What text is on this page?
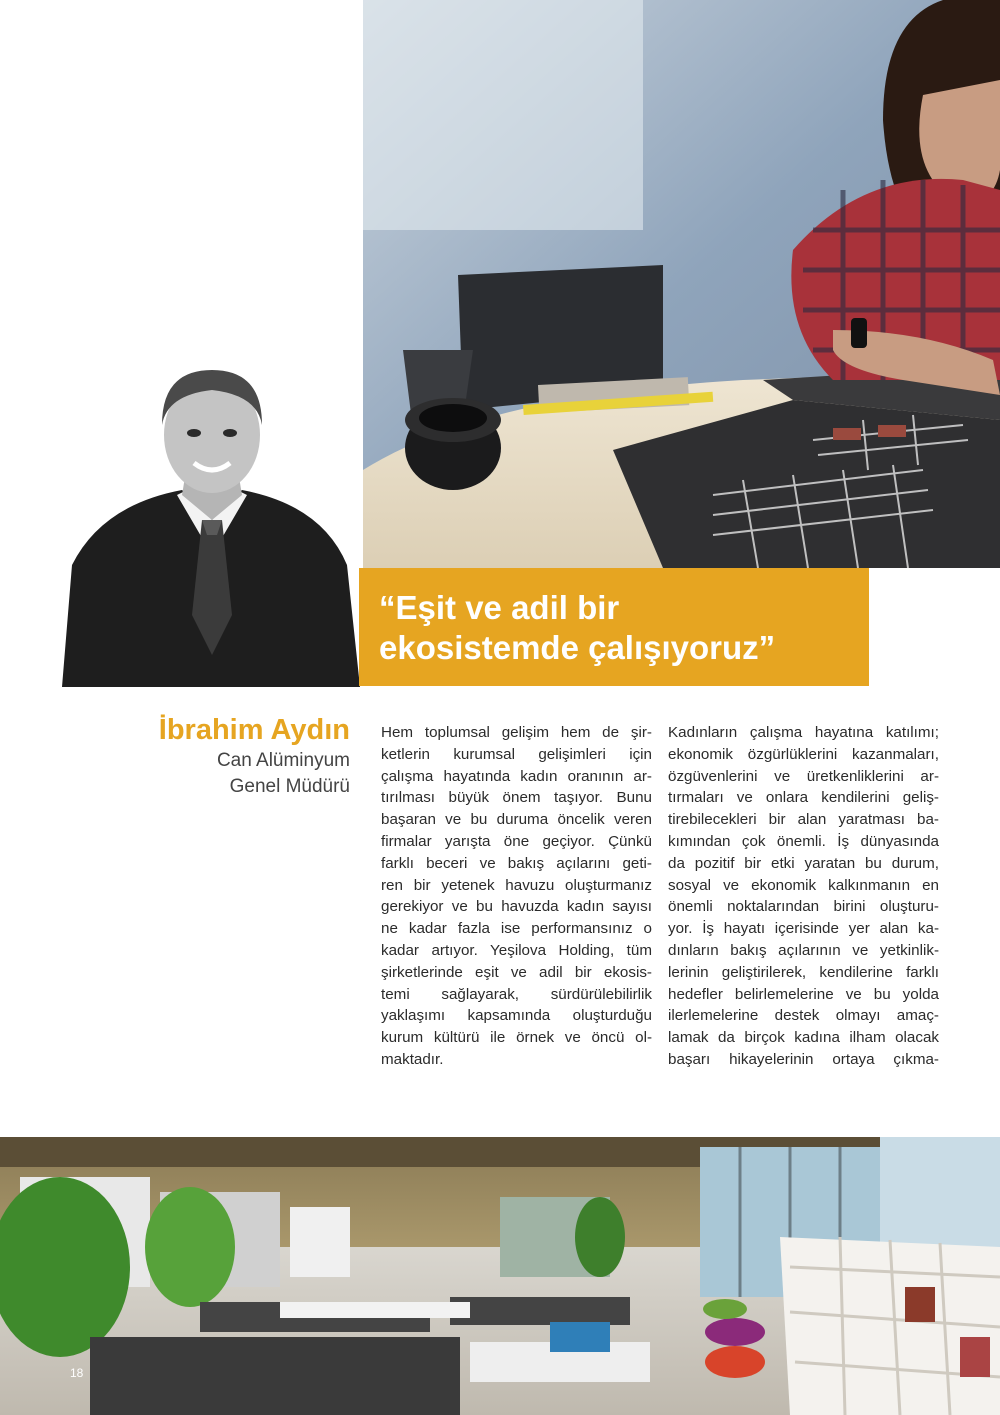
“Eşit ve adil bir
ekosistemde çalışıyoruz”

İbrahim Aydın

Can Alüminyum

Genel Müdürü

Hem toplumsal gelişim hem de şir-

ketlerin kurumsal gelişimleri için

çalışma hayatında kadın oranının ar-

tırılması büyük önem taşıyor. Bunu

başaran ve bu duruma öncelik veren

firmalar yarışta öne geçiyor. Çünkü

farklı beceri ve bakış açılarını geti-

ren bir yetenek havuzu oluşturmanız

gerekiyor ve bu havuzda kadın sayısı

ne kadar fazla ise performansınız o

kadar artıyor. Yeşilova Holding, tüm

şirketlerinde eşit ve adil bir ekosis-

temi sağlayarak, sürdürülebilirlik

yaklaşımı kapsamında oluşturduğu

kurum kültürü ile örnek ve öncü ol-

maktadır.

Kadınların çalışma hayatına katılımı;

ekonomik özgürlüklerini kazanmaları,

özgüvenlerini ve üretkenliklerini ar-

tırmaları ve onlara kendilerini geliş-

tirebilecekleri bir alan yaratması ba-

kımından çok önemli. İş dünyasında

da pozitif bir etki yaratan bu durum,

sosyal ve ekonomik kalkınmanın en

önemli noktalarından birini oluşturu-

yor. İş hayatı içerisinde yer alan ka-

dınların bakış açılarının ve yetkinlik-

lerinin geliştirilerek, kendilerine farklı

hedefler belirlemelerine ve bu yolda

ilerlemelerine destek olmayı amaç-

lamak da birçok kadına ilham olacak

başarı hikayelerinin ortaya çıkma-

18
